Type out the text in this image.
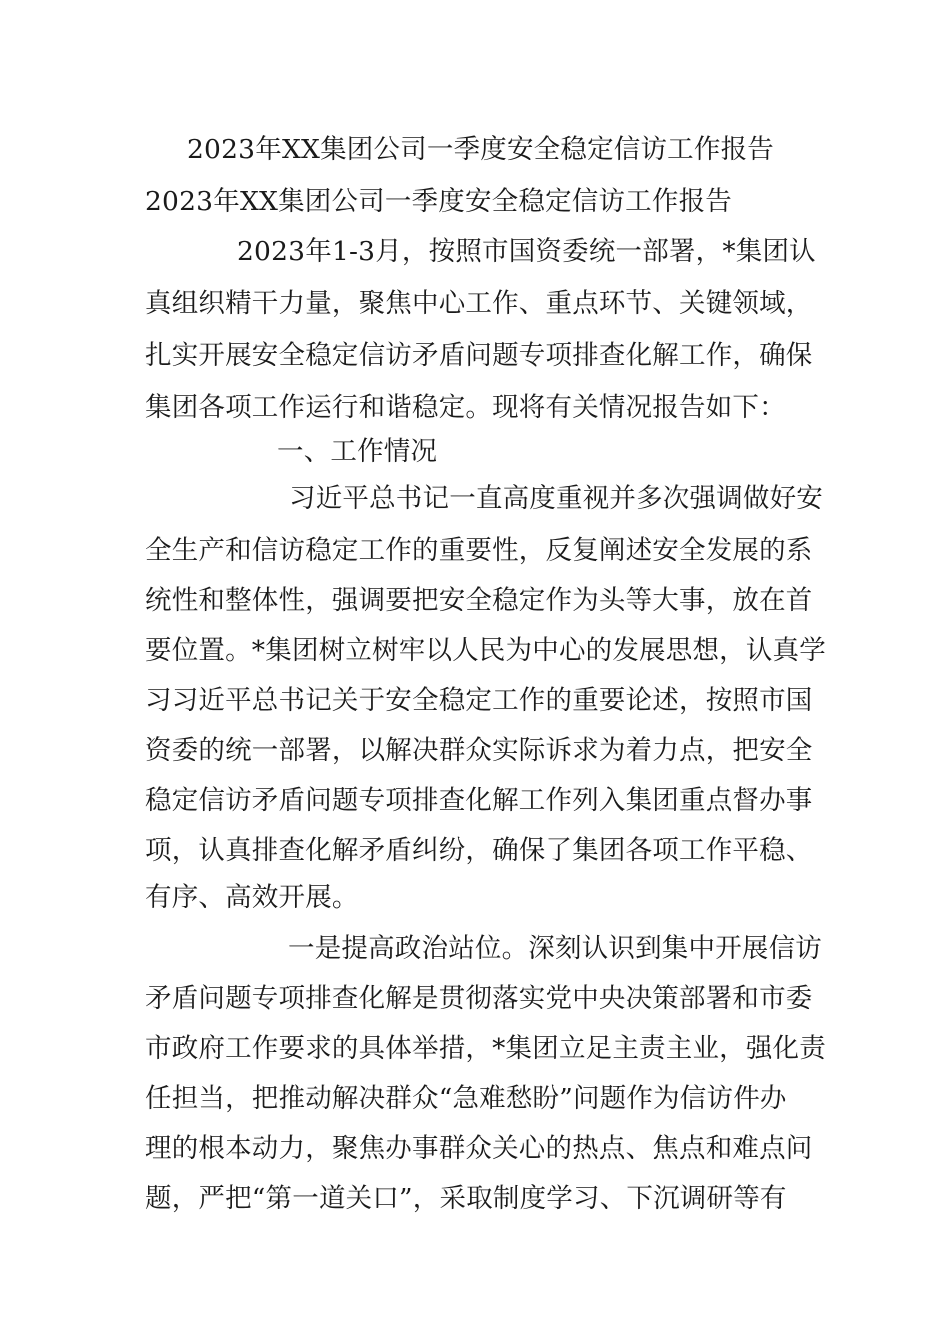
2023年XX集团公司一季度安全稳定信访工作报告
2023年XX集团公司一季度安全稳定信访工作报告
2023年1-3月，按照市国资委统一部署，*集团认
真组织精干力量，聚焦中心工作、重点环节、关键领域，
扎实开展安全稳定信访矛盾问题专项排查化解工作，确保
集团各项工作运行和谐稳定。现将有关情况报告如下：
一、工作情况
习近平总书记一直高度重视并多次强调做好安
全生产和信访稳定工作的重要性，反复阐述安全发展的系
统性和整体性，强调要把安全稳定作为头等大事，放在首
要位置。*集团树立树牢以人民为中心的发展思想，认真学
习习近平总书记关于安全稳定工作的重要论述，按照市国
资委的统一部署，以解决群众实际诉求为着力点，把安全
稳定信访矛盾问题专项排查化解工作列入集团重点督办事
项，认真排查化解矛盾纠纷，确保了集团各项工作平稳、
有序、高效开展。
一是提高政治站位。深刻认识到集中开展信访
矛盾问题专项排查化解是贯彻落实党中央决策部署和市委
市政府工作要求的具体举措，*集团立足主责主业，强化责
任担当，把推动解决群众“急难愁盼”问题作为信访件办
理的根本动力，聚焦办事群众关心的热点、焦点和难点问
题，严把“第一道关口”，采取制度学习、下沉调研等有
